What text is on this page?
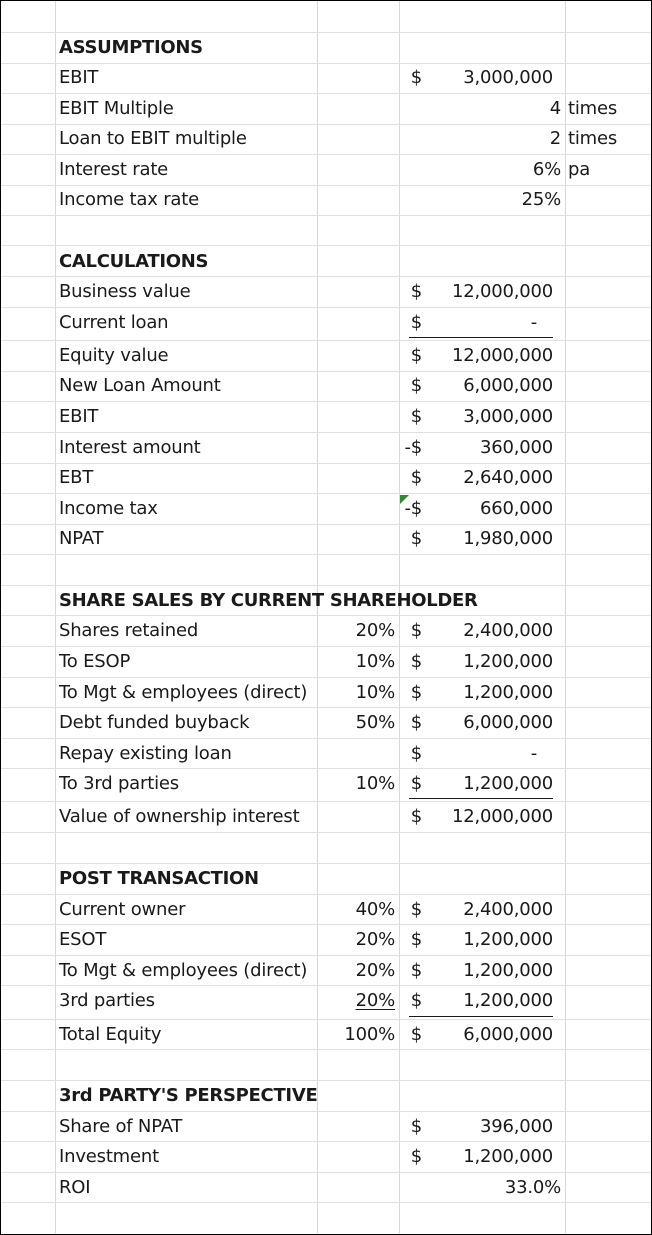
ASSUMPTIONS
EBIT	$	3,000,000
EBIT Multiple	4 times
Loan to EBIT multiple	2 times
Interest rate	6% pa
Income tax rate	25%
CALCULATIONS
Business value	$	12,000,000
Current loan	$	-
Equity value	$	12,000,000
New Loan Amount	$	6,000,000
EBIT	$	3,000,000
Interest amount	-$	360,000
EBT	$	2,640,000
Income tax	-$	660,000
NPAT	$	1,980,000
SHARE SALES BY CURRENT SHAREHOLDER
Shares retained	20% $	2,400,000
To ESOP	10% $	1,200,000
To Mgt & employees (direct)	10% $	1,200,000
Debt funded buyback	50% $	6,000,000
Repay existing loan	$	-
To 3rd parties	10% $	1,200,000
Value of ownership interest	$	12,000,000
POST TRANSACTION
Current owner	40% $	2,400,000
ESOT	20% $	1,200,000
To Mgt & employees (direct)	20% $	1,200,000
3rd parties	20% $	1,200,000
Total Equity	100% $	6,000,000
3rd PARTY'S PERSPECTIVE
Share of NPAT	$	396,000
Investment	$	1,200,000
ROI	33.0%
